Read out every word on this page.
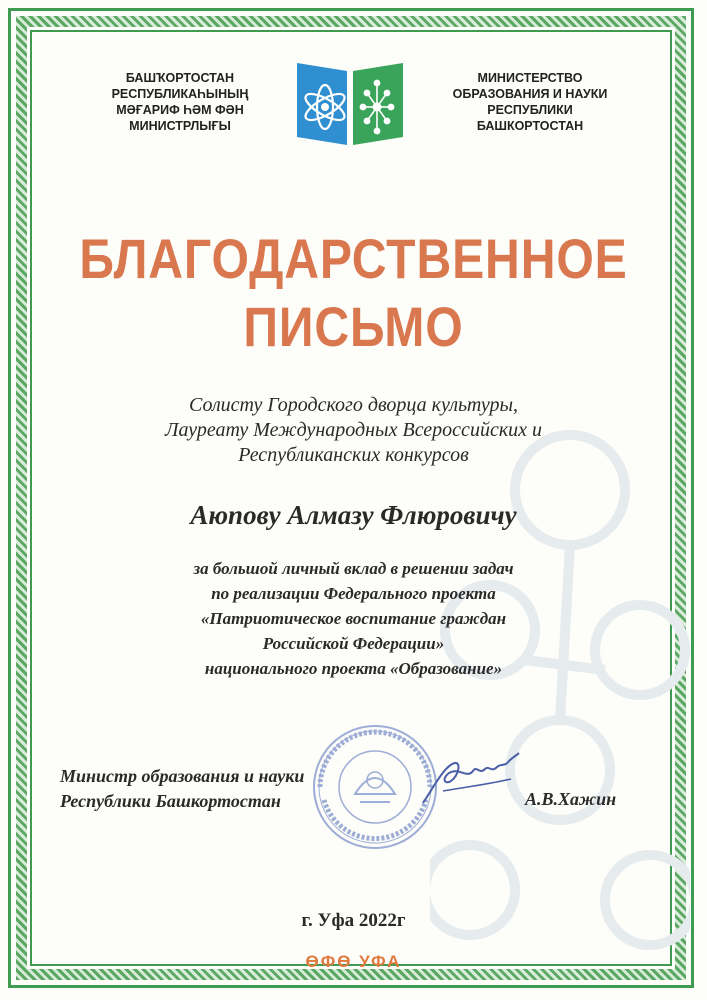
БАШҠОРТОСТАН
РЕСПУБЛИКАҺЫНЫҢ
МӘҒАРИФ ҺӘМ ФӘН
МИНИСТРЛЫҒЫ
МИНИСТЕРСТВО
ОБРАЗОВАНИЯ И НАУКИ
РЕСПУБЛИКИ
БАШКОРТОСТАН
БЛАГОДАРСТВЕННОЕ
ПИСЬМО
Солисту Городского дворца культуры,
Лауреату Международных Всероссийских и
Республиканских конкурсов
Аюпову Алмазу Флюровичу
за большой личный вклад в решении задач
по реализации Федерального проекта
«Патриотическое воспитание граждан
Российской Федерации»
национального проекта «Образование»
Министр образования и науки
Республики Башкортостан	А.В.Хажин
г. Уфа 2022г
ӨФӨ УФА
